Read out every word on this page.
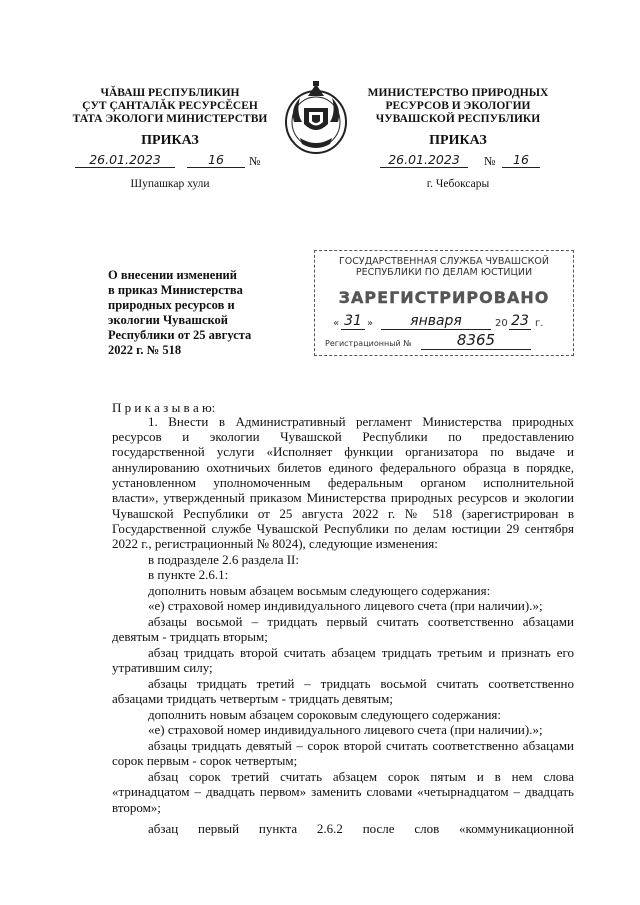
ЧĂВАШ РЕСПУБЛИКИН
ÇУТ ÇАНТАЛĂК РЕСУРСĔСЕН
ТАТА ЭКОЛОГИ МИНИСТЕРСТВИ
ПРИКАЗ
26.01.2023	16	№
Шупашкар хули
МИНИСТЕРСТВО ПРИРОДНЫХ
РЕСУРСОВ И ЭКОЛОГИИ
ЧУВАШСКОЙ РЕСПУБЛИКИ
ПРИКАЗ
26.01.2023	№	16
г. Чебоксары
О внесении изменений
в приказ Министерства
природных ресурсов и
экологии Чувашской
Республики от 25 августа
2022 г. № 518
ГОСУДАРСТВЕННАЯ СЛУЖБА ЧУВАШСКОЙ
РЕСПУБЛИКИ ПО ДЕЛАМ ЮСТИЦИИ
ЗАРЕГИСТРИРОВАНО
« 31 »	января	20 23 г.
Регистрационный №	8365
П р и к а з ы в а ю:
1. Внести в Административный регламент Министерства природных
ресурсов и экологии Чувашской Республики по предоставлению
государственной услуги «Исполняет функции организатора по выдаче и
аннулированию охотничьих билетов единого федерального образца в порядке,
установленном уполномоченным федеральным органом исполнительной
власти», утвержденный приказом Министерства природных ресурсов и экологии
Чувашской Республики от 25 августа 2022 г. № 518 (зарегистрирован в
Государственной службе Чувашской Республики по делам юстиции 29 сентября
2022 г., регистрационный № 8024), следующие изменения:
в подразделе 2.6 раздела II:
в пункте 2.6.1:
дополнить новым абзацем восьмым следующего содержания:
«е) страховой номер индивидуального лицевого счета (при наличии).»;
абзацы восьмой – тридцать первый считать соответственно абзацами
девятым - тридцать вторым;
абзац тридцать второй считать абзацем тридцать третьим и признать его
утратившим силу;
абзацы тридцать третий – тридцать восьмой считать соответственно
абзацами тридцать четвертым - тридцать девятым;
дополнить новым абзацем сороковым следующего содержания:
«е) страховой номер индивидуального лицевого счета (при наличии).»;
абзацы тридцать девятый – сорок второй считать соответственно абзацами
сорок первым - сорок четвертым;
абзац сорок третий считать абзацем сорок пятым и в нем слова
«тринадцатом – двадцать первом» заменить словами «четырнадцатом – двадцать
втором»;
абзац первый пункта 2.6.2 после слов «коммуникационной
